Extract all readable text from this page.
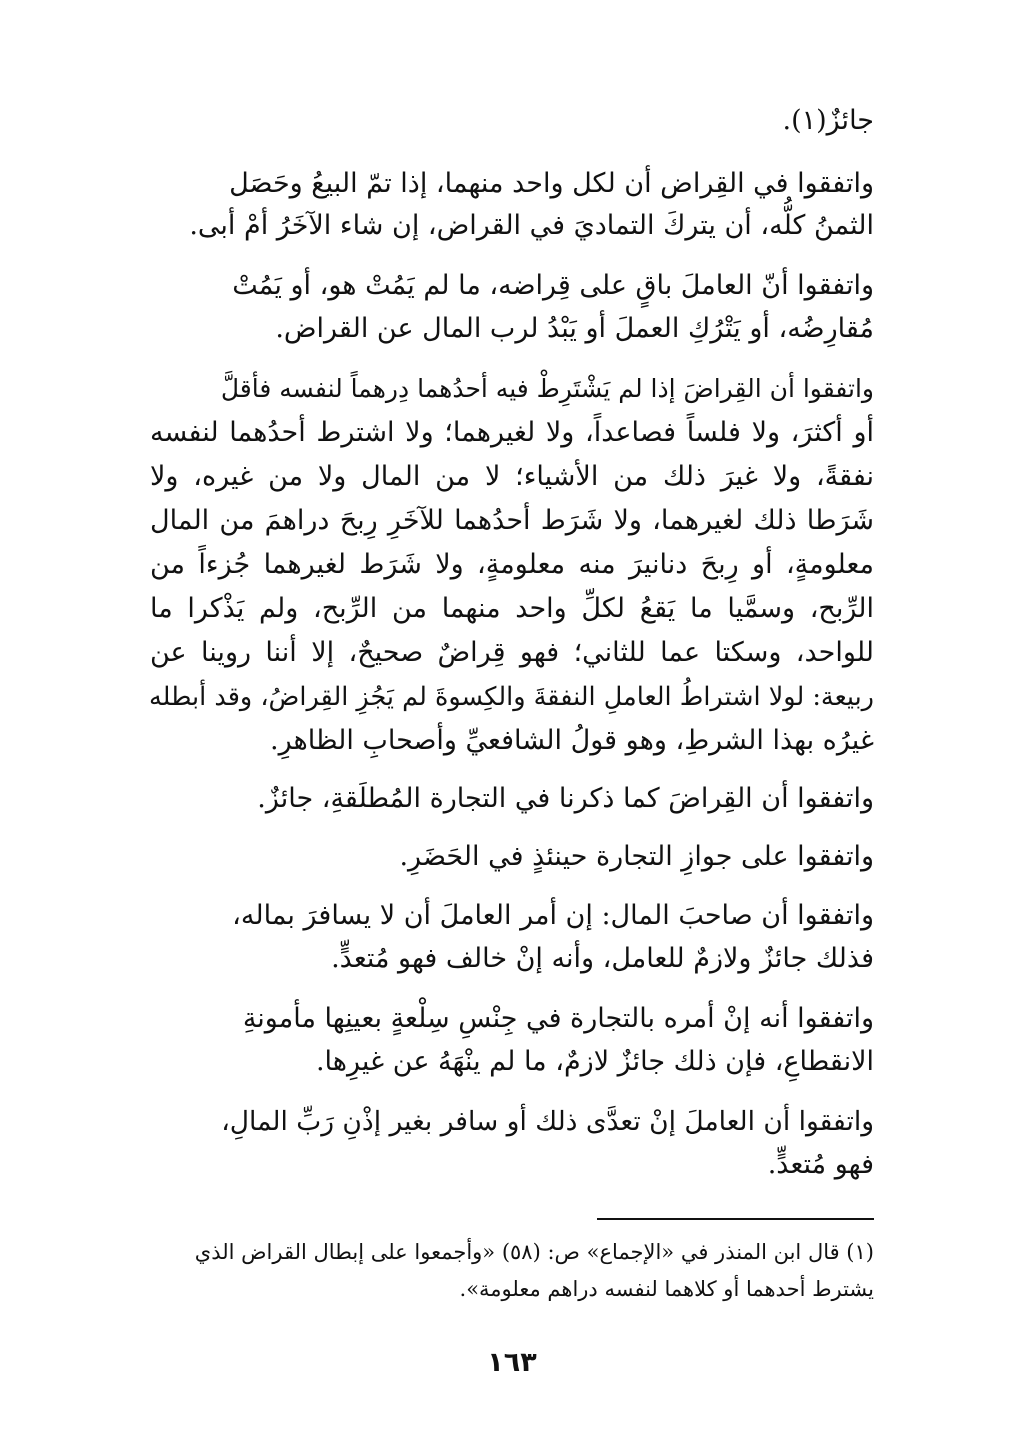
جائزٌ(١).
واتفقوا في القِراض أن لكل واحد منهما، إذا تمّ البيعُ وحَصَل
الثمنُ كلُّه، أن يتركَ التماديَ في القراض، إن شاء الآخَرُ أمْ أبى.
واتفقوا أنّ العاملَ باقٍ على قِراضه، ما لم يَمُتْ هو، أو يَمُتْ
مُقارِضُه، أو يَتْرُكِ العملَ أو يَبْدُ لرب المال عن القراض.
واتفقوا أن القِراضَ إذا لم يَشْتَرِطْ فيه أحدُهما دِرهماً لنفسه فأقلَّ
أو أكثرَ، ولا فلساً فصاعداً، ولا لغيرهما؛ ولا اشترط أحدُهما لنفسه
نفقةً، ولا غيرَ ذلك من الأشياء؛ لا من المال ولا من غيره، ولا
شَرَطا ذلك لغيرهما، ولا شَرَط أحدُهما للآخَرِ رِبحَ دراهمَ من المال
معلومةٍ، أو رِبحَ دنانيرَ منه معلومةٍ، ولا شَرَط لغيرهما جُزءاً من
الرِّبح، وسمَّيا ما يَقعُ لكلِّ واحد منهما من الرِّبح، ولم يَذْكرا ما
للواحد، وسكتا عما للثاني؛ فهو قِراضٌ صحيحٌ، إلا أننا روينا عن
ربيعة: لولا اشتراطُ العاملِ النفقةَ والكِسوةَ لم يَجُزِ القِراضُ، وقد أبطله
غيرُه بهذا الشرطِ، وهو قولُ الشافعيِّ وأصحابِ الظاهرِ.
واتفقوا أن القِراضَ كما ذكرنا في التجارة المُطلَقةِ، جائزٌ.
واتفقوا على جوازِ التجارة حينئذٍ في الحَضَرِ.
واتفقوا أن صاحبَ المال: إن أمر العاملَ أن لا يسافرَ بماله،
فذلك جائزٌ ولازمٌ للعامل، وأنه إنْ خالف فهو مُتعدٍّ.
واتفقوا أنه إنْ أمره بالتجارة في جِنْسِ سِلْعةٍ بعينِها مأمونةِ
الانقطاعِ، فإن ذلك جائزٌ لازمٌ، ما لم ينْهَهُ عن غيرِها.
واتفقوا أن العاملَ إنْ تعدَّى ذلك أو سافر بغير إذْنِ رَبِّ المالِ،
فهو مُتعدٍّ.
(١) قال ابن المنذر في «الإجماع» ص: (٥٨) «وأجمعوا على إبطال القراض الذي
يشترط أحدهما أو كلاهما لنفسه دراهم معلومة».
١٦٣
